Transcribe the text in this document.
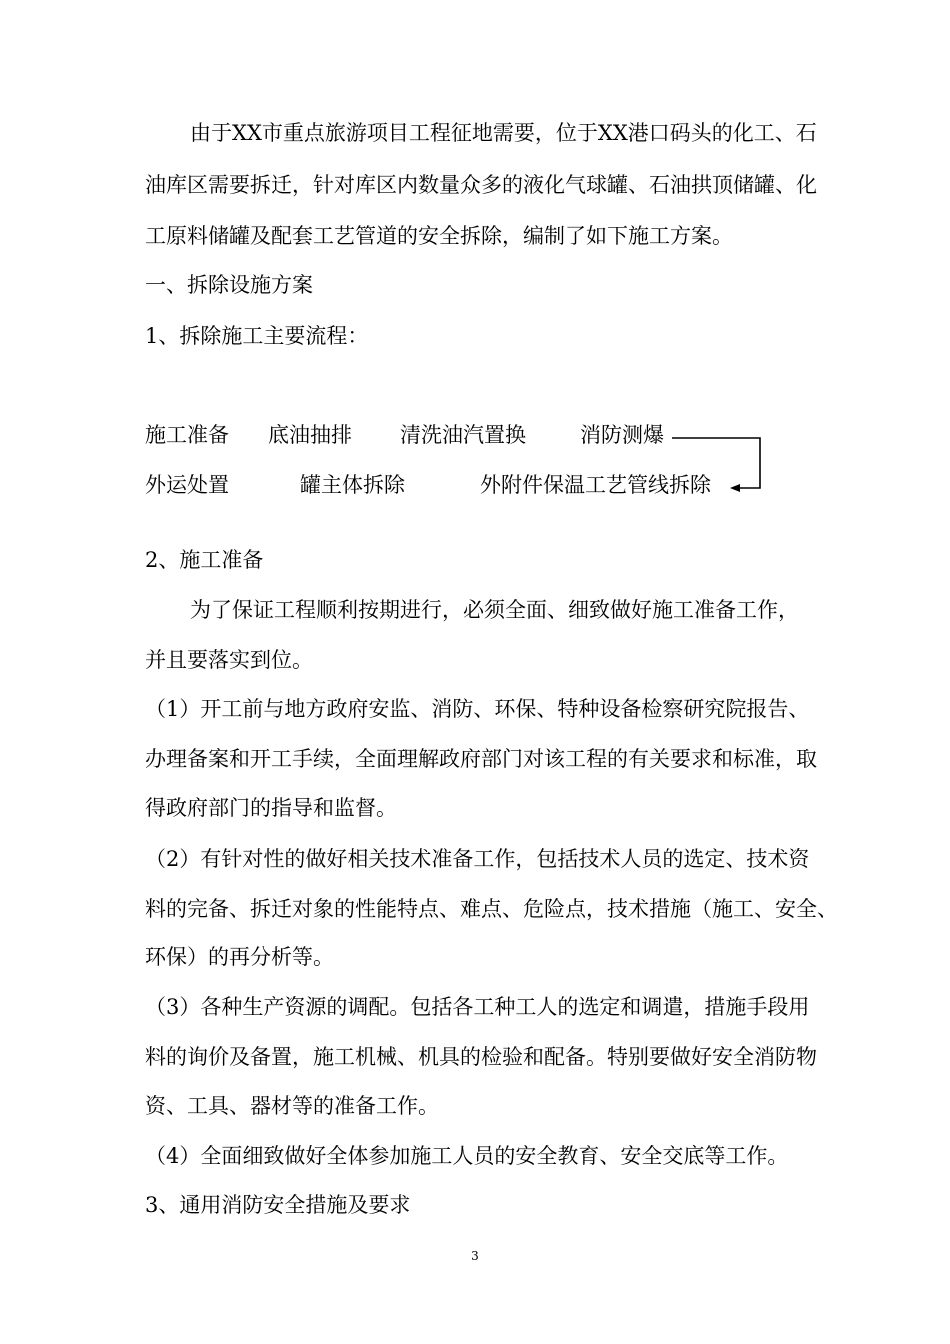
由于XX市重点旅游项目工程征地需要，位于XX港口码头的化工、石

油库区需要拆迁，针对库区内数量众多的液化气球罐、石油拱顶储罐、化

工原料储罐及配套工艺管道的安全拆除，编制了如下施工方案。

一、拆除设施方案

1、拆除施工主要流程：

施工准备 底油抽排 清洗油汽置换	消防测爆
外运处置	罐主体拆除	外附件保温工艺管线拆除

2、施工准备

为了保证工程顺利按期进行，必须全面、细致做好施工准备工作，

并且要落实到位。

（1）开工前与地方政府安监、消防、环保、特种设备检察研究院报告、

办理备案和开工手续，全面理解政府部门对该工程的有关要求和标准，取

得政府部门的指导和监督。

（2）有针对性的做好相关技术准备工作，包括技术人员的选定、技术资

料的完备、拆迁对象的性能特点、难点、危险点，技术措施（施工、安全、

环保）的再分析等。

（3）各种生产资源的调配。包括各工种工人的选定和调遣，措施手段用

料的询价及备置，施工机械、机具的检验和配备。特别要做好安全消防物

资、工具、器材等的准备工作。

（4）全面细致做好全体参加施工人员的安全教育、安全交底等工作。

3、通用消防安全措施及要求

3
